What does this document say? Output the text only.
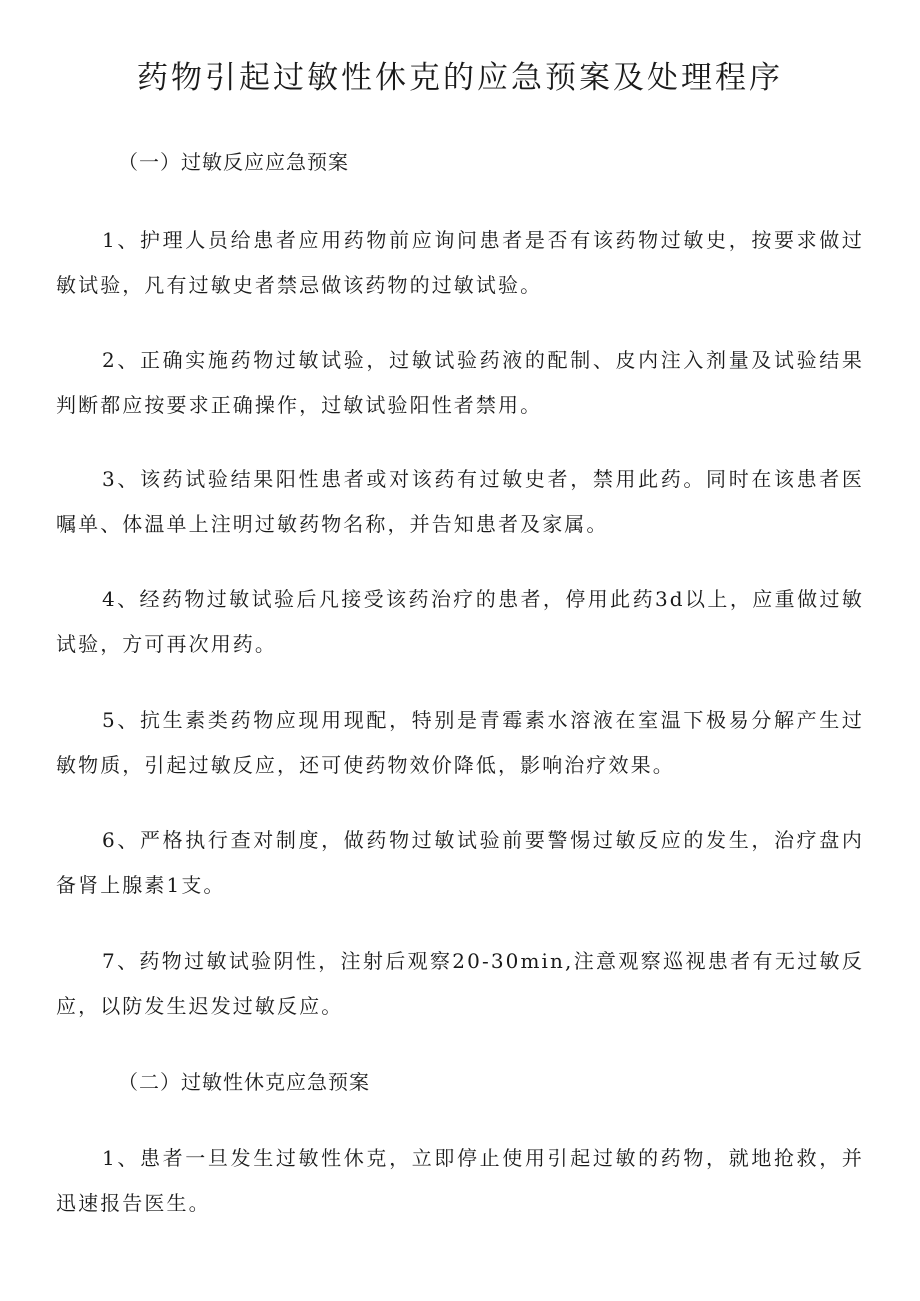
药物引起过敏性休克的应急预案及处理程序
（一）过敏反应应急预案

1、护理人员给患者应用药物前应询问患者是否有该药物过敏史，按要求做过敏试验，凡有过敏史者禁忌做该药物的过敏试验。

2、正确实施药物过敏试验，过敏试验药液的配制、皮内注入剂量及试验结果判断都应按要求正确操作，过敏试验阳性者禁用。

3、该药试验结果阳性患者或对该药有过敏史者，禁用此药。同时在该患者医嘱单、体温单上注明过敏药物名称，并告知患者及家属。

4、经药物过敏试验后凡接受该药治疗的患者，停用此药3d以上，应重做过敏试验，方可再次用药。

5、抗生素类药物应现用现配，特别是青霉素水溶液在室温下极易分解产生过敏物质，引起过敏反应，还可使药物效价降低，影响治疗效果。

6、严格执行查对制度，做药物过敏试验前要警惕过敏反应的发生，治疗盘内备肾上腺素1支。

7、药物过敏试验阴性，注射后观察20-30min,注意观察巡视患者有无过敏反应，以防发生迟发过敏反应。

（二）过敏性休克应急预案

1、患者一旦发生过敏性休克，立即停止使用引起过敏的药物，就地抢救，并迅速报告医生。
